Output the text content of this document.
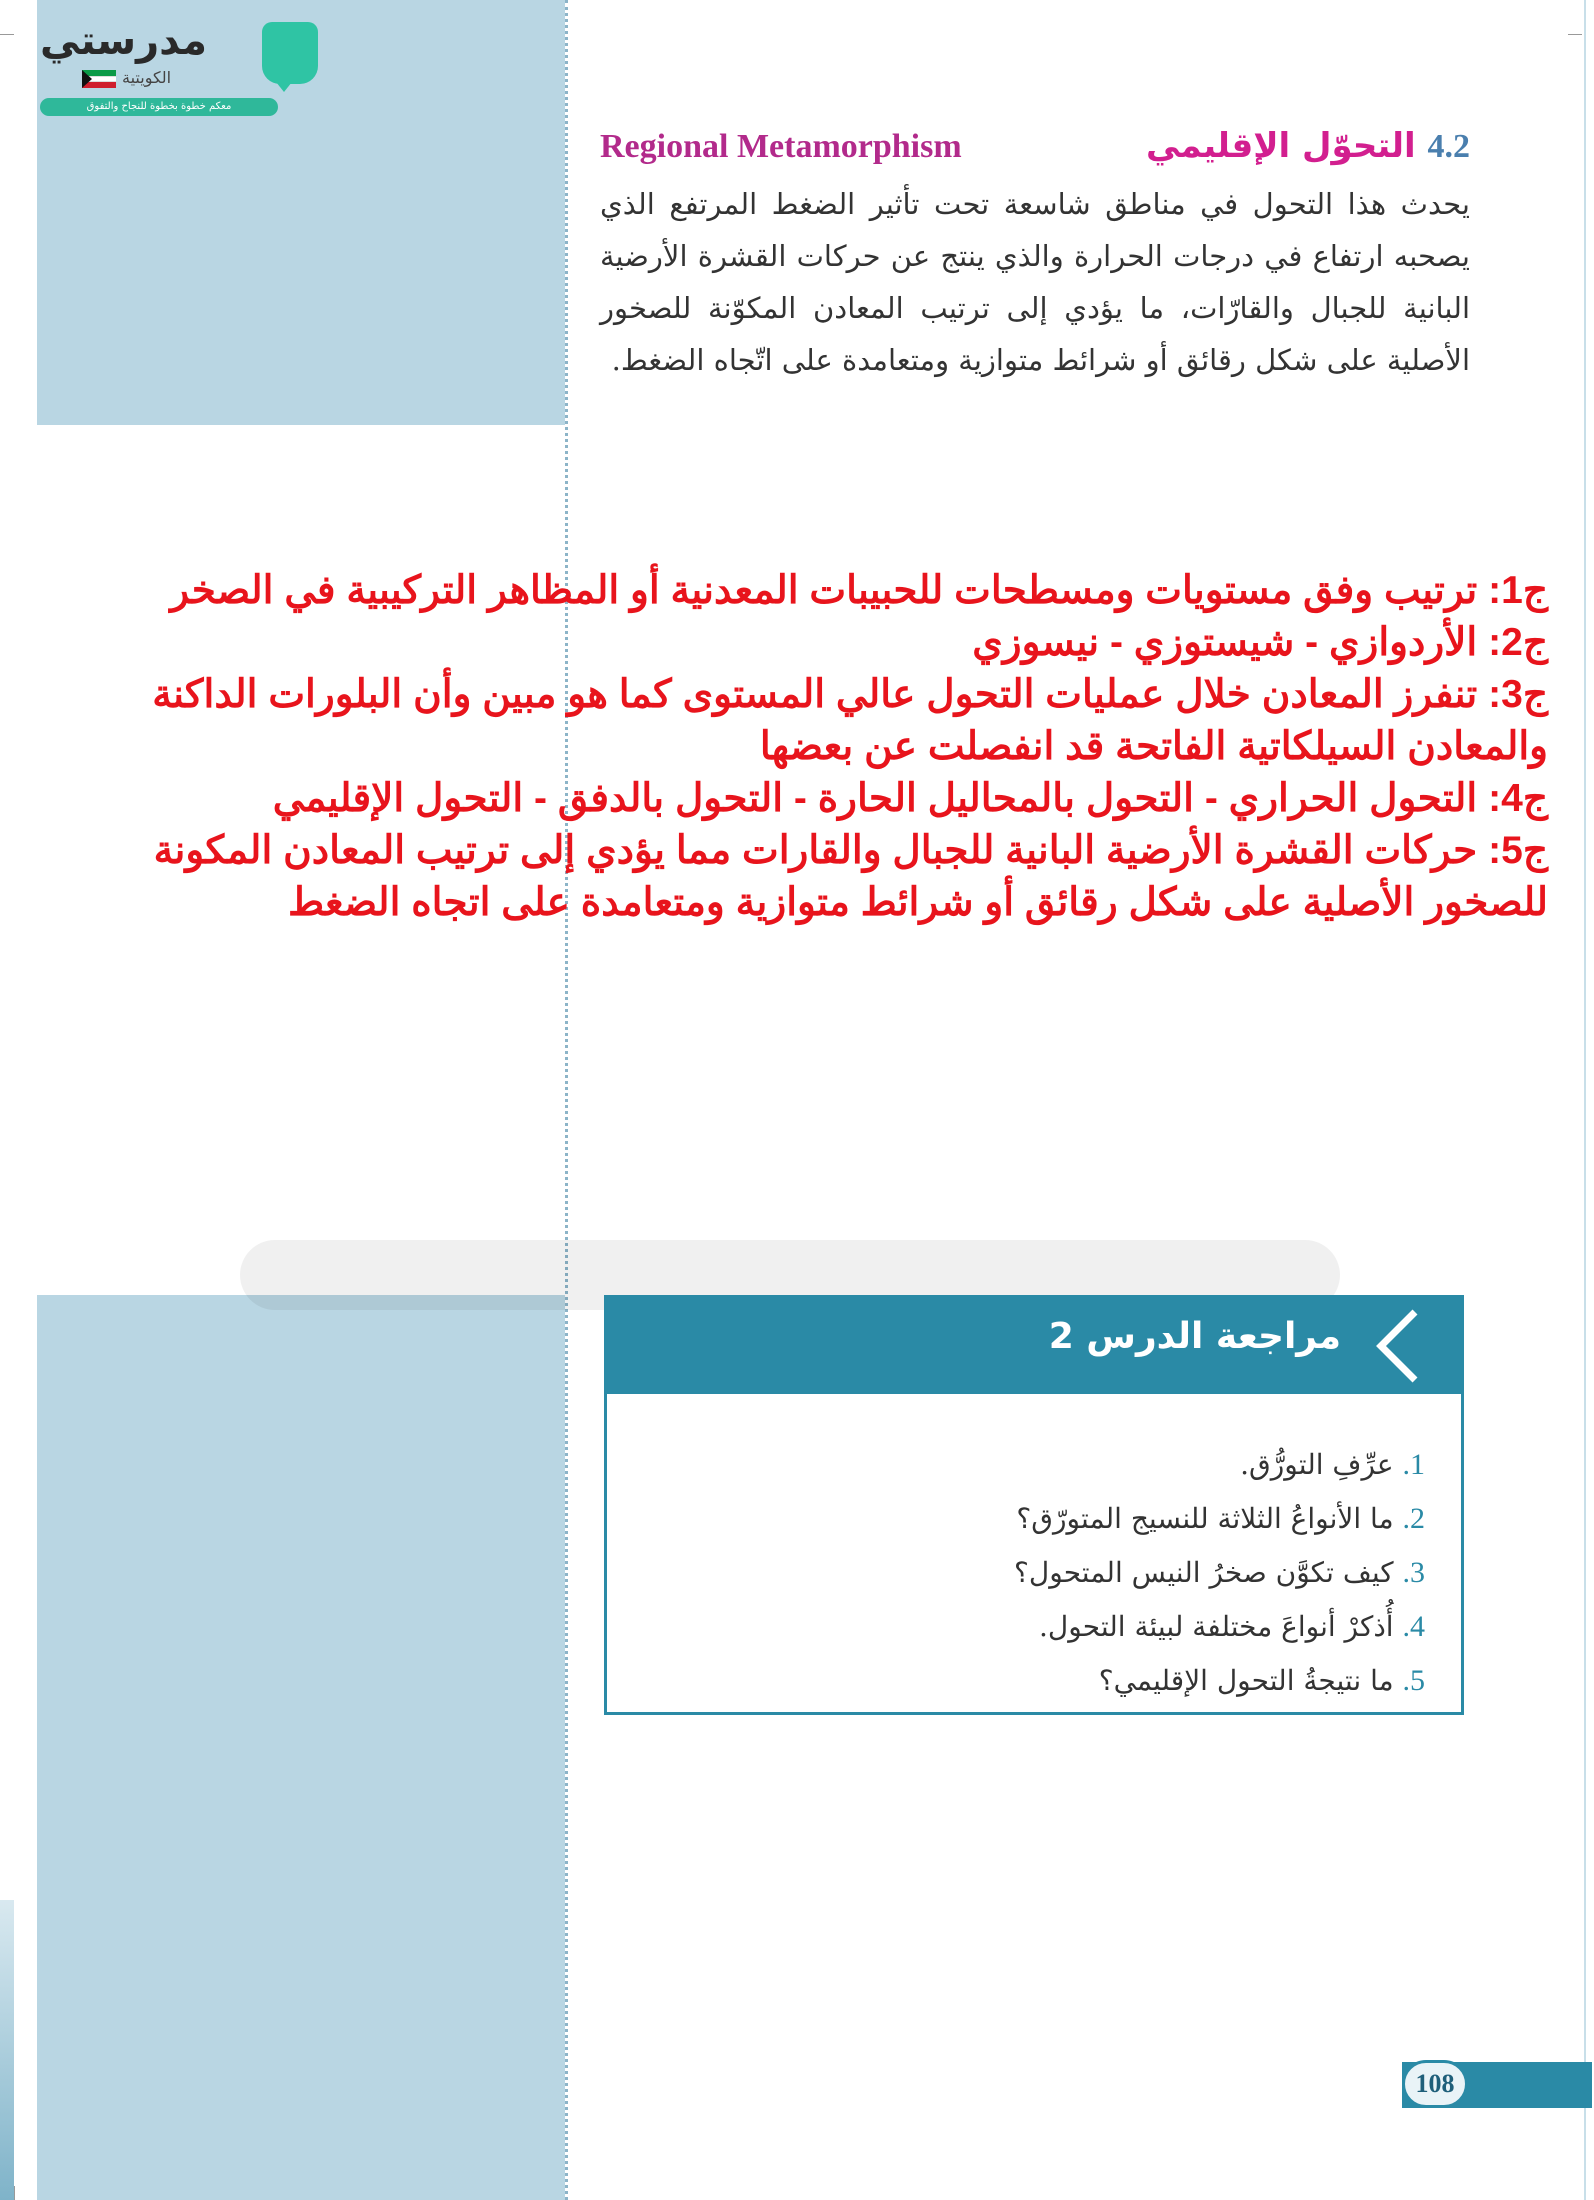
مدرستي
الكويتية
معكم خطوة بخطوة للنجاح والتفوق
Regional Metamorphism	4.2 التحوّل الإقليمي
يحدث هذا التحول في مناطق شاسعة تحت تأثير الضغط المرتفع الذي يصحبه ارتفاع في درجات الحرارة والذي ينتج عن حركات القشرة الأرضية البانية للجبال والقارّات، ما يؤدي إلى ترتيب المعادن المكوّنة للصخور الأصلية على شكل رقائق أو شرائط متوازية ومتعامدة على اتّجاه الضغط.

ج1: ترتيب وفق مستويات ومسطحات للحبيبات المعدنية أو المظاهر التركيبية في الصخر

ج2: الأردوازي - شيستوزي - نيسوزي

ج3: تنفرز المعادن خلال عمليات التحول عالي المستوى كما هو مبين وأن البلورات الداكنة والمعادن السيلكاتية الفاتحة قد انفصلت عن بعضها

ج4: التحول الحراري - التحول بالمحاليل الحارة - التحول بالدفق - التحول الإقليمي

ج5: حركات القشرة الأرضية البانية للجبال والقارات مما يؤدي إلى ترتيب المعادن المكونة للصخور الأصلية على شكل رقائق أو شرائط متوازية ومتعامدة على اتجاه الضغط

مراجعة الدرس 2
1. عرِّفِ التورُّق.
2. ما الأنواعُ الثلاثة للنسيج المتورّق؟
3. كيف تكوَّن صخرُ النيس المتحول؟
4. أُذكرْ أنواعَ مختلفة لبيئة التحول.
5. ما نتيجةُ التحول الإقليمي؟
108
